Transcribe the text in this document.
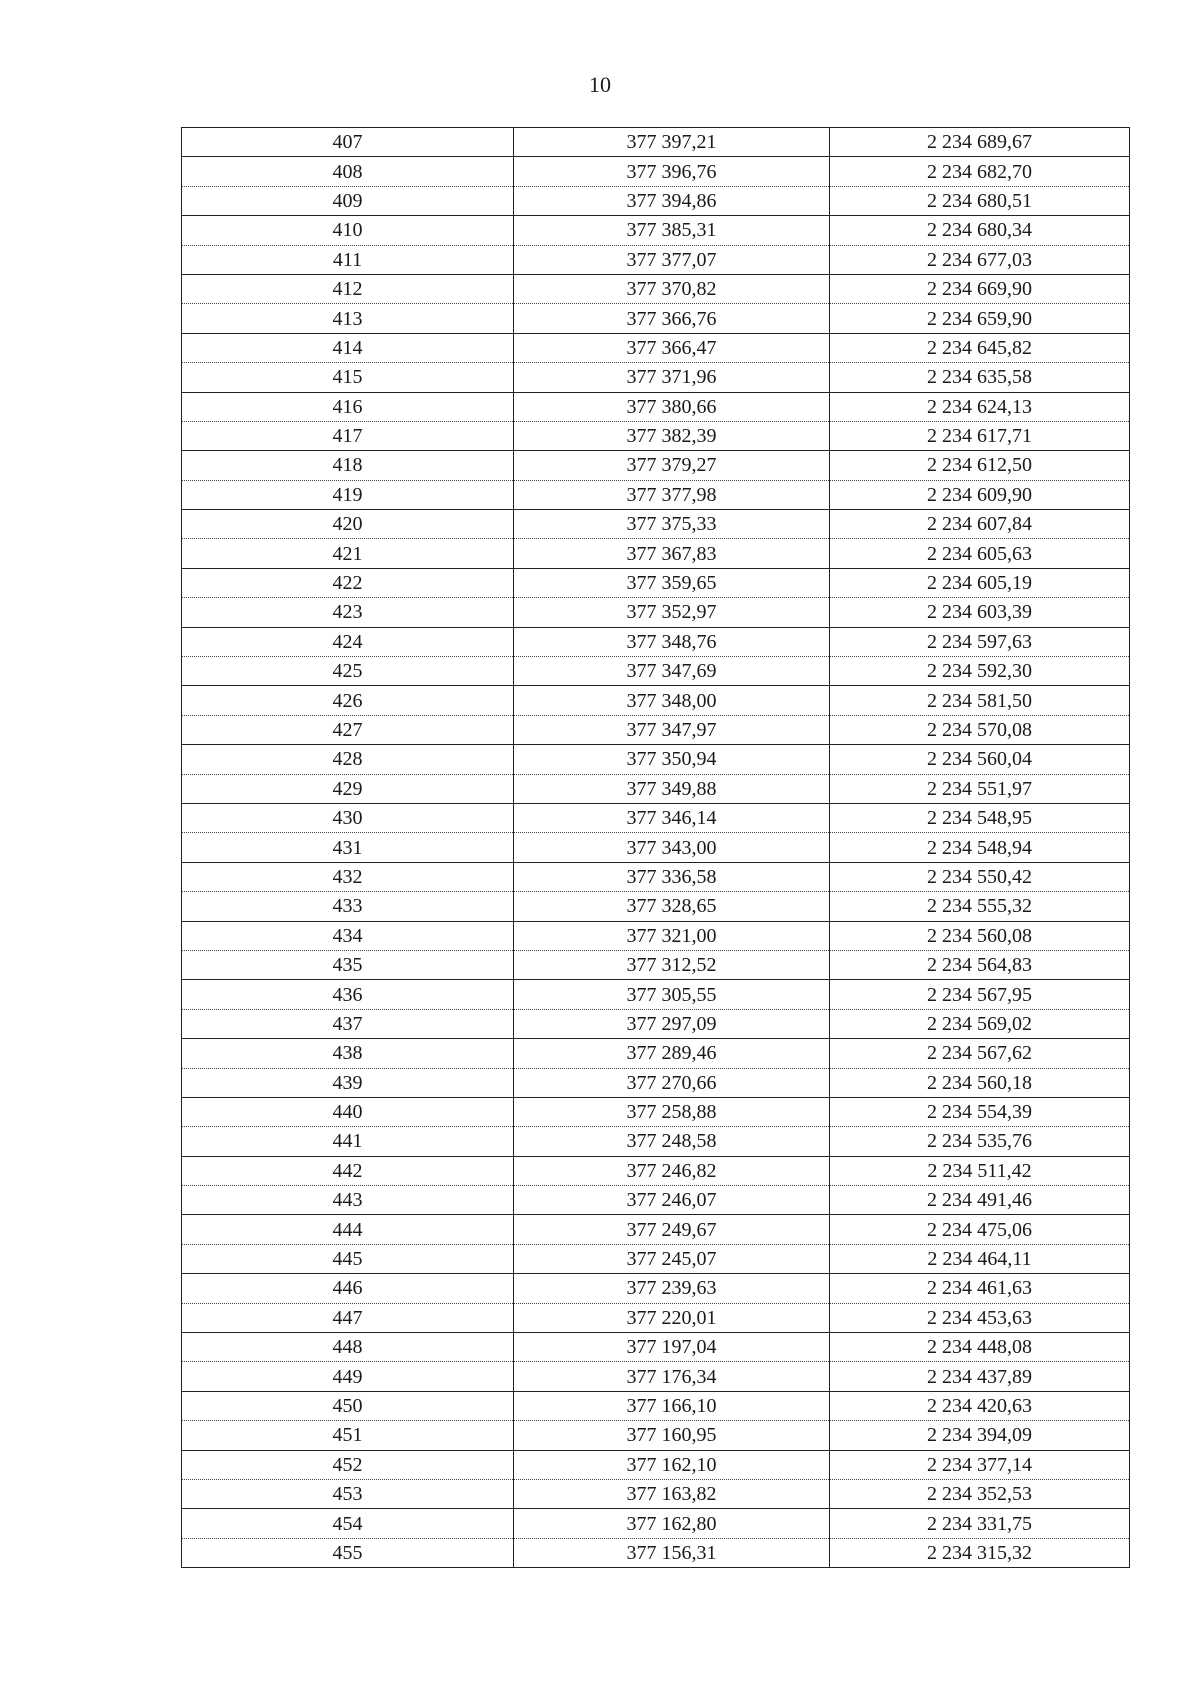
10
407	377 397,21	2 234 689,67
408	377 396,76	2 234 682,70
409	377 394,86	2 234 680,51
410	377 385,31	2 234 680,34
411	377 377,07	2 234 677,03
412	377 370,82	2 234 669,90
413	377 366,76	2 234 659,90
414	377 366,47	2 234 645,82
415	377 371,96	2 234 635,58
416	377 380,66	2 234 624,13
417	377 382,39	2 234 617,71
418	377 379,27	2 234 612,50
419	377 377,98	2 234 609,90
420	377 375,33	2 234 607,84
421	377 367,83	2 234 605,63
422	377 359,65	2 234 605,19
423	377 352,97	2 234 603,39
424	377 348,76	2 234 597,63
425	377 347,69	2 234 592,30
426	377 348,00	2 234 581,50
427	377 347,97	2 234 570,08
428	377 350,94	2 234 560,04
429	377 349,88	2 234 551,97
430	377 346,14	2 234 548,95
431	377 343,00	2 234 548,94
432	377 336,58	2 234 550,42
433	377 328,65	2 234 555,32
434	377 321,00	2 234 560,08
435	377 312,52	2 234 564,83
436	377 305,55	2 234 567,95
437	377 297,09	2 234 569,02
438	377 289,46	2 234 567,62
439	377 270,66	2 234 560,18
440	377 258,88	2 234 554,39
441	377 248,58	2 234 535,76
442	377 246,82	2 234 511,42
443	377 246,07	2 234 491,46
444	377 249,67	2 234 475,06
445	377 245,07	2 234 464,11
446	377 239,63	2 234 461,63
447	377 220,01	2 234 453,63
448	377 197,04	2 234 448,08
449	377 176,34	2 234 437,89
450	377 166,10	2 234 420,63
451	377 160,95	2 234 394,09
452	377 162,10	2 234 377,14
453	377 163,82	2 234 352,53
454	377 162,80	2 234 331,75
455	377 156,31	2 234 315,32
